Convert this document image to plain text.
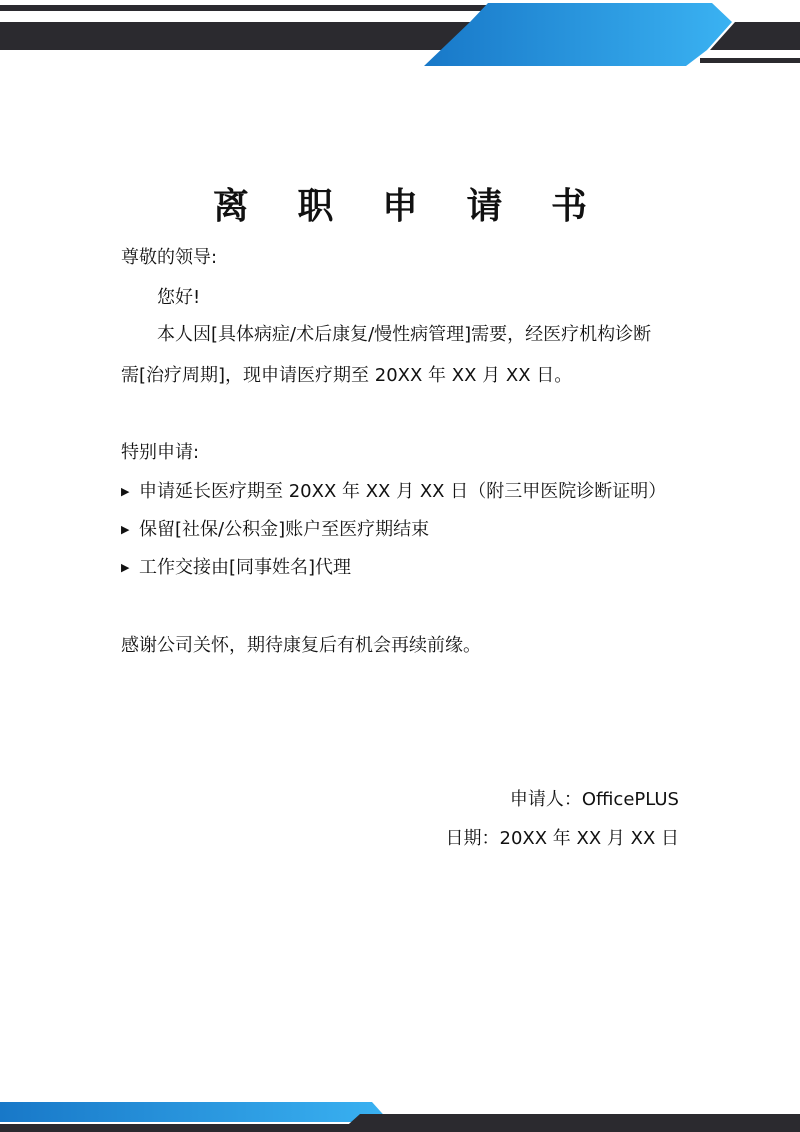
离 职 申 请 书

尊敬的领导:

您好!

本人因[具体病症/术后康复/慢性病管理]需要，经医疗机构诊断

需[治疗周期]，现申请医疗期至 20XX 年 XX 月 XX 日。

特别申请:

▶ 申请延长医疗期至 20XX 年 XX 月 XX 日（附三甲医院诊断证明）
▶ 保留[社保/公积金]账户至医疗期结束
▶ 工作交接由[同事姓名]代理

感谢公司关怀，期待康复后有机会再续前缘。

申请人：OfficePLUS
日期：20XX 年 XX 月 XX 日
